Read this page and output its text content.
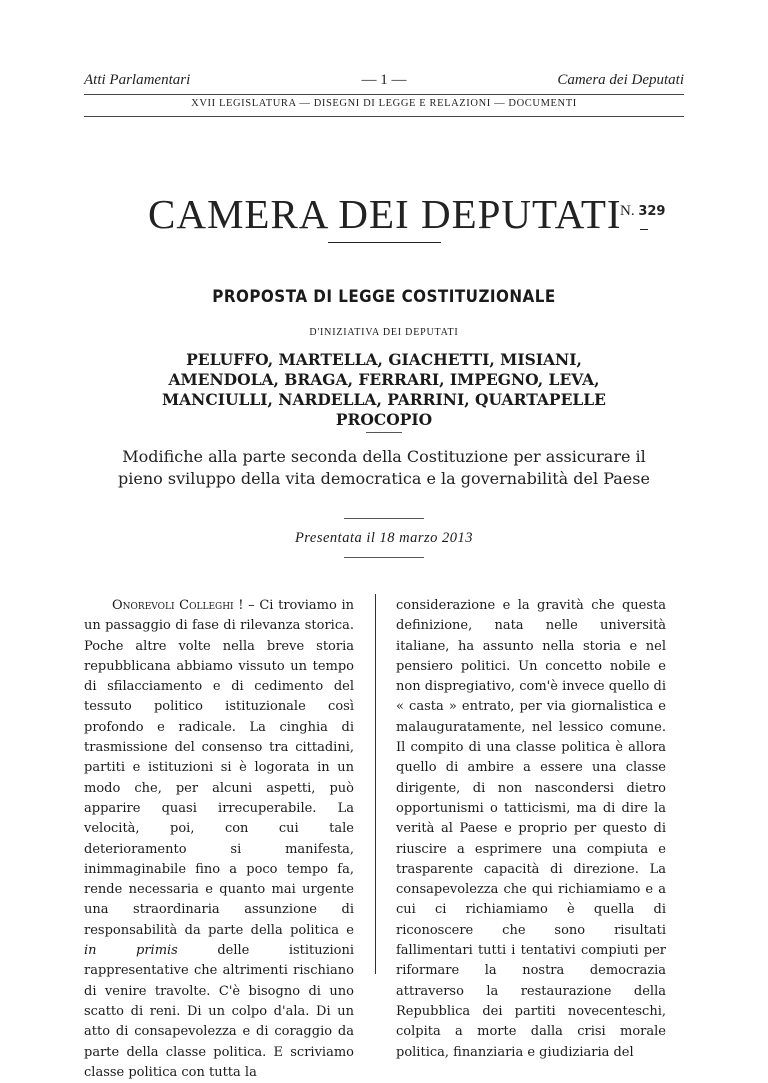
Atti Parlamentari	— 1 —	Camera dei Deputati
XVII LEGISLATURA — DISEGNI DI LEGGE E RELAZIONI — DOCUMENTI
CAMERA DEI DEPUTATI
N. 329
PROPOSTA DI LEGGE COSTITUZIONALE
D'INIZIATIVA DEI DEPUTATI
PELUFFO, MARTELLA, GIACHETTI, MISIANI, AMENDOLA, BRAGA, FERRARI, IMPEGNO, LEVA, MANCIULLI, NARDELLA, PARRINI, QUARTAPELLE PROCOPIO
Modifiche alla parte seconda della Costituzione per assicurare il pieno sviluppo della vita democratica e la governabilità del Paese
Presentata il 18 marzo 2013
Onorevoli Colleghi ! – Ci troviamo in un passaggio di fase di rilevanza storica. Poche altre volte nella breve storia repubblicana abbiamo vissuto un tempo di sfilacciamento e di cedimento del tessuto politico istituzionale così profondo e radicale. La cinghia di trasmissione del consenso tra cittadini, partiti e istituzioni si è logorata in un modo che, per alcuni aspetti, può apparire quasi irrecuperabile. La velocità, poi, con cui tale deterioramento si manifesta, inimmaginabile fino a poco tempo fa, rende necessaria e quanto mai urgente una straordinaria assunzione di responsabilità da parte della politica e in primis	delle istituzioni rappresentative che altrimenti rischiano di venire travolte. C'è bisogno di uno scatto di reni. Di un colpo d'ala. Di un atto di consapevolezza e di coraggio da parte della classe politica. E scriviamo classe politica con tutta la
considerazione e la gravità che questa definizione, nata nelle università italiane, ha assunto nella storia e nel pensiero politici. Un concetto nobile e non dispregiativo, com'è invece quello di « casta » entrato, per via giornalistica e malauguratamente, nel lessico comune. Il compito di una classe politica è allora quello di ambire a essere una classe dirigente, di non nascondersi dietro opportunismi o tatticismi, ma di dire la verità al Paese e proprio per questo di riuscire a esprimere una compiuta e trasparente capacità di direzione. La consapevolezza che qui richiamiamo e a cui ci richiamiamo è quella di riconoscere che sono risultati fallimentari tutti i tentativi compiuti per riformare la nostra democrazia attraverso la restaurazione della Repubblica dei partiti novecenteschi, colpita a morte dalla crisi morale politica, finanziaria e giudiziaria del
